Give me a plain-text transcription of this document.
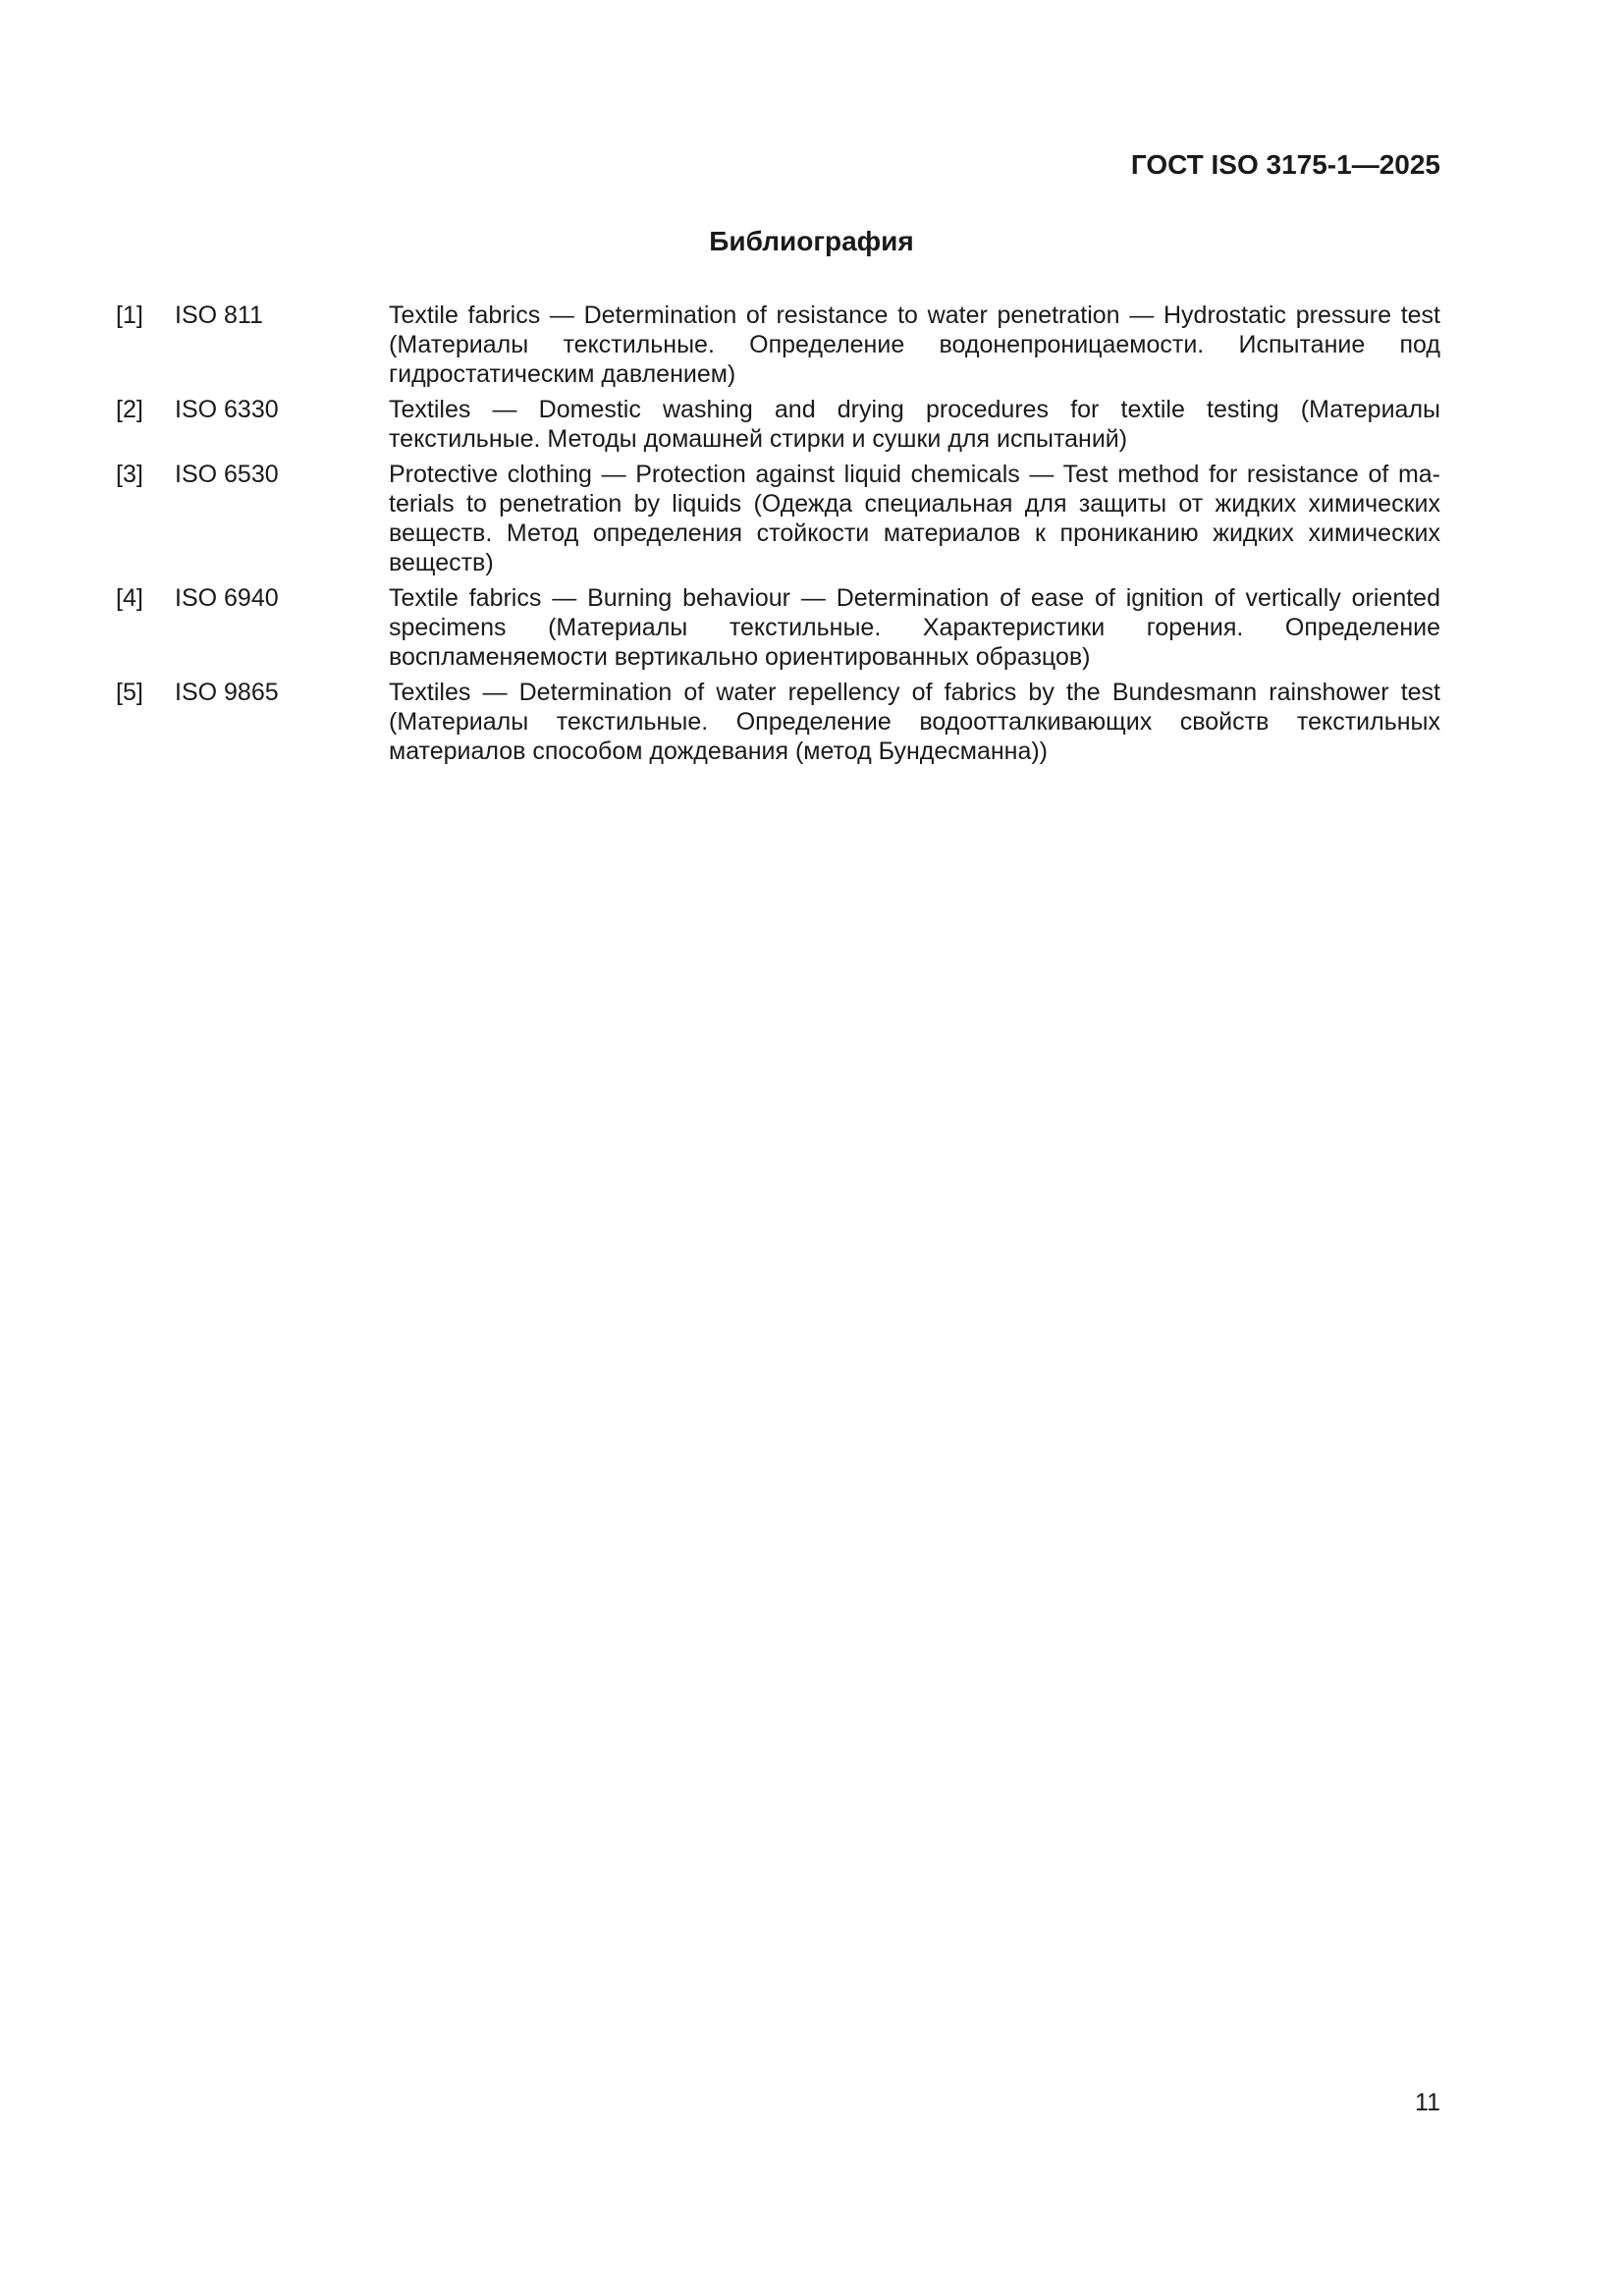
ГОСТ ISO 3175-1—2025
Библиография
[1]	ISO 811	Textile fabrics — Determination of resistance to water penetration — Hydrostatic pressure test (Материалы текстильные. Определение водонепроницаемости. Испытание под гидростатическим давлением)
[2]	ISO 6330	Textiles — Domestic washing and drying procedures for textile testing (Материалы текстильные. Методы домашней стирки и сушки для испытаний)
[3]	ISO 6530	Protective clothing — Protection against liquid chemicals — Test method for resistance of materials to penetration by liquids (Одежда специальная для защиты от жидких химических веществ. Метод определения стойкости материалов к прониканию жидких химических веществ)
[4]	ISO 6940	Textile fabrics — Burning behaviour — Determination of ease of ignition of vertically oriented specimens (Материалы текстильные. Характеристики горения. Определение воспламеняемости вертикально ориентированных образцов)
[5]	ISO 9865	Textiles — Determination of water repellency of fabrics by the Bundesmann rainshower test (Материалы текстильные. Определение водоотталкивающих свойств текстильных материалов способом дождевания (метод Бундесманна))
11
